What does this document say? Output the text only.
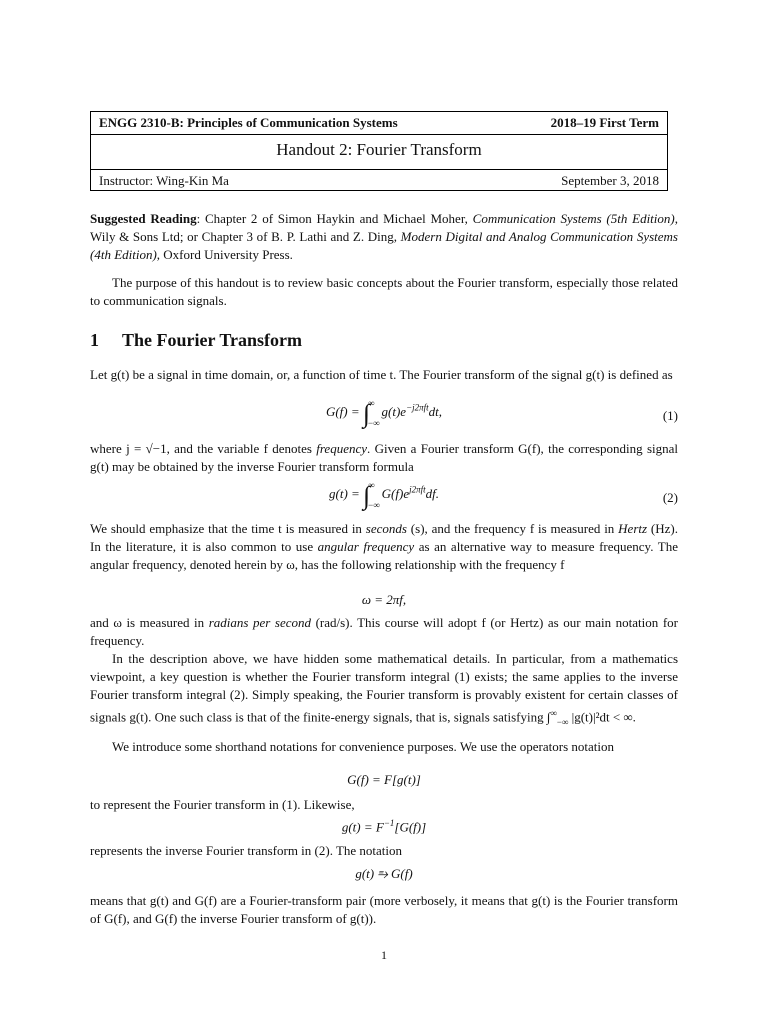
ENGG 2310-B: Principles of Communication Systems	2018–19 First Term
Handout 2: Fourier Transform
Instructor: Wing-Kin Ma	September 3, 2018
Suggested Reading: Chapter 2 of Simon Haykin and Michael Moher, Communication Systems (5th Edition), Wily & Sons Ltd; or Chapter 3 of B. P. Lathi and Z. Ding, Modern Digital and Analog Communication Systems (4th Edition), Oxford University Press.
The purpose of this handout is to review basic concepts about the Fourier transform, especially those related to communication signals.
1 The Fourier Transform
Let g(t) be a signal in time domain, or, a function of time t. The Fourier transform of the signal g(t) is defined as
G(f) = ∫∞

$-\infty g(t)e^{-j2\pi ft}dt$,	(1)
where j = √−1, and the variable f denotes frequency. Given a Fourier transform G(f), the corresponding signal g(t) may be obtained by the inverse Fourier transform formula
g(t) = ∫∞

$-\infty G(f)e^{j2\pi ft}df$.	(2)
We should emphasize that the time t is measured in seconds (s), and the frequency f is measured in Hertz (Hz). In the literature, it is also common to use angular frequency as an alternative way to measure frequency. The angular frequency, denoted herein by ω, has the following relationship with the frequency f
ω = 2πf,
and ω is measured in radians per second (rad/s). This course will adopt f (or Hertz) as our main notation for frequency.
In the description above, we have hidden some mathematical details. In particular, from a mathematics viewpoint, a key question is whether the Fourier transform integral (1) exists; the same applies to the inverse Fourier transform integral (2). Simply speaking, the Fourier transform is provably existent for certain classes of signals g(t). One such class is that of the finite-energy signals, that is, signals satisfying $\int^\infty_{-\infty}$ |g(t)|²dt < ∞.
We introduce some shorthand notations for convenience purposes. We use the operators notation
G(f) = F[g(t)]
to represent the Fourier transform in (1). Likewise,
$g(t) = F^{-1}[G(f)]$
represents the inverse Fourier transform in (2). The notation
g(t) ⥱ G(f)
means that g(t) and G(f) are a Fourier-transform pair (more verbosely, it means that g(t) is the Fourier transform of G(f), and G(f) the inverse Fourier transform of g(t)).
1
